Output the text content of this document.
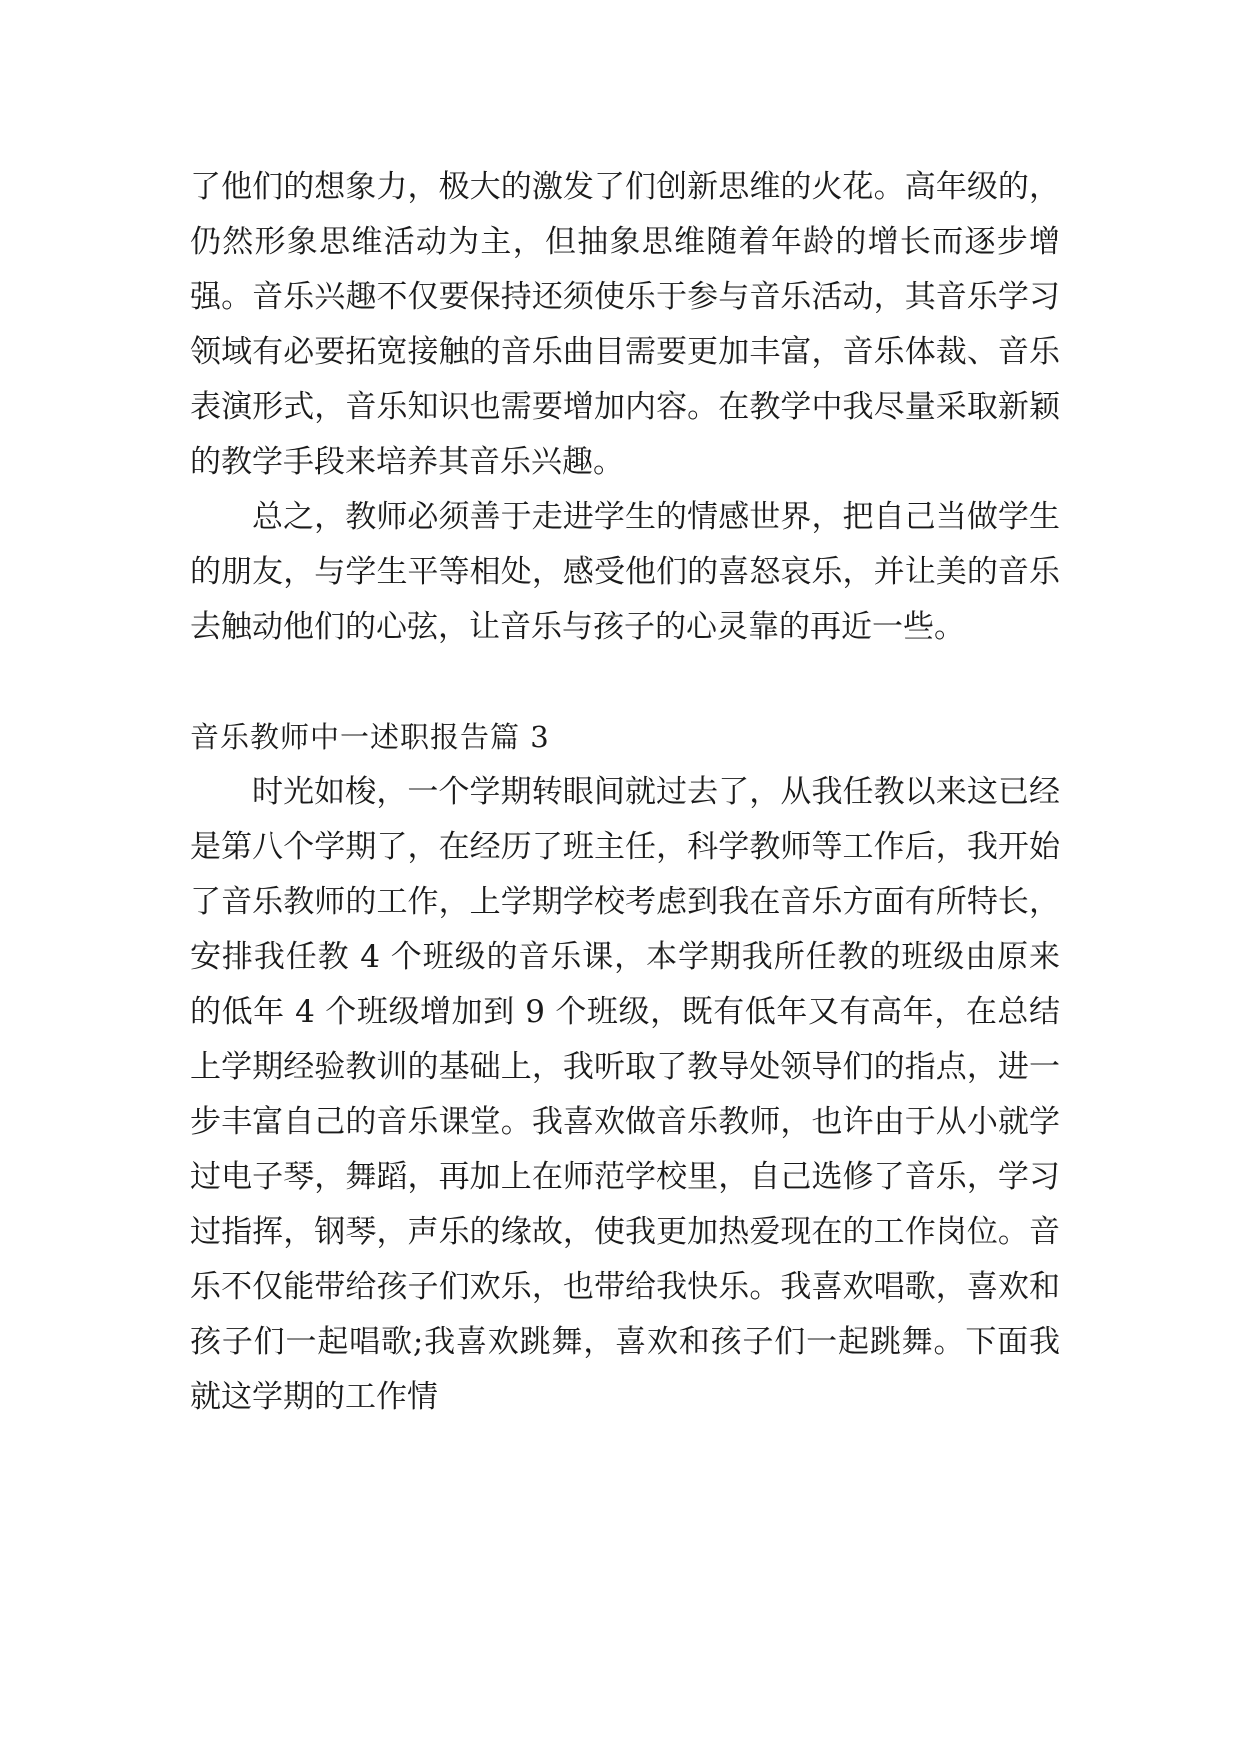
了他们的想象力，极大的激发了们创新思维的火花。高年级的，仍然形象思维活动为主，但抽象思维随着年龄的增长而逐步增强。音乐兴趣不仅要保持还须使乐于参与音乐活动，其音乐学习领域有必要拓宽接触的音乐曲目需要更加丰富，音乐体裁、音乐表演形式，音乐知识也需要增加内容。在教学中我尽量采取新颖的教学手段来培养其音乐兴趣。

总之，教师必须善于走进学生的情感世界，把自己当做学生的朋友，与学生平等相处，感受他们的喜怒哀乐，并让美的音乐去触动他们的心弦，让音乐与孩子的心灵靠的再近一些。

音乐教师中一述职报告篇 3

时光如梭，一个学期转眼间就过去了，从我任教以来这已经是第八个学期了，在经历了班主任，科学教师等工作后，我开始了音乐教师的工作，上学期学校考虑到我在音乐方面有所特长，安排我任教 4 个班级的音乐课，本学期我所任教的班级由原来的低年 4 个班级增加到 9 个班级，既有低年又有高年，在总结上学期经验教训的基础上，我听取了教导处领导们的指点，进一步丰富自己的音乐课堂。我喜欢做音乐教师，也许由于从小就学过电子琴，舞蹈，再加上在师范学校里，自己选修了音乐，学习过指挥，钢琴，声乐的缘故，使我更加热爱现在的工作岗位。音乐不仅能带给孩子们欢乐，也带给我快乐。我喜欢唱歌，喜欢和孩子们一起唱歌;我喜欢跳舞，喜欢和孩子们一起跳舞。下面我就这学期的工作情
